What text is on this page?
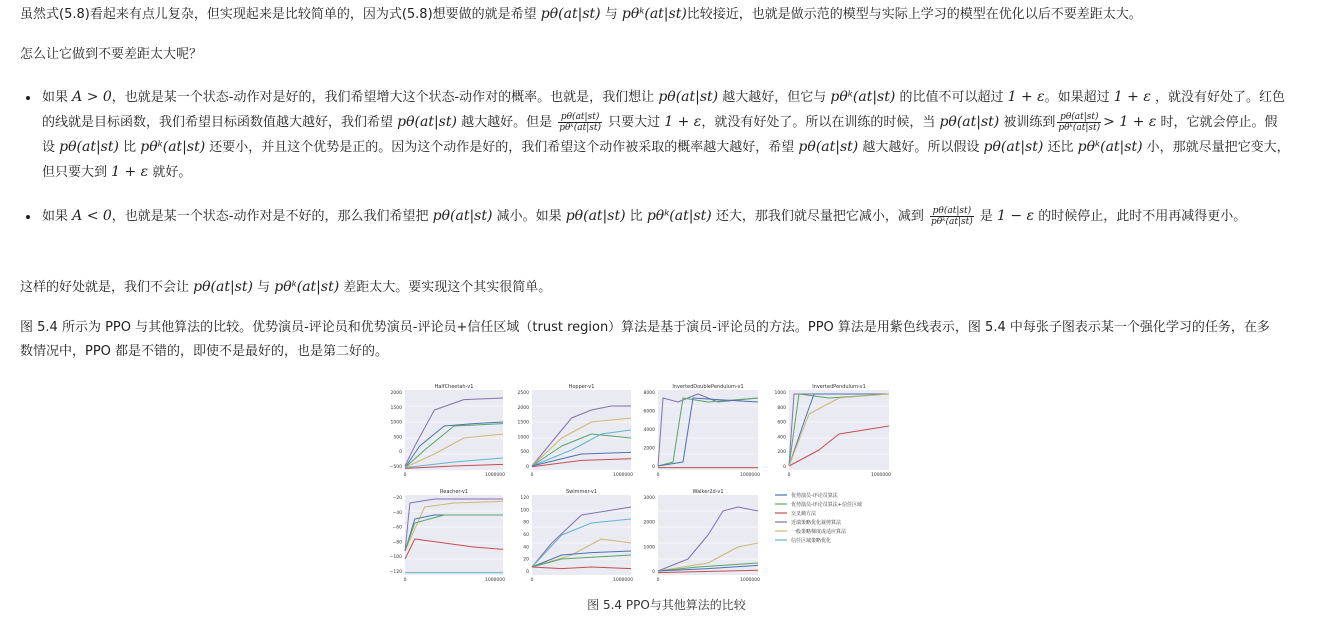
虽然式(5.8)看起来有点儿复杂，但实现起来是比较简单的，因为式(5.8)想要做的就是希望 pθ(at|st) 与 pθᵏ(at|st)比较接近，也就是做示范的模型与实际上学习的模型在优化以后不要差距太大。

怎么让它做到不要差距太大呢？

• 如果 A > 0，也就是某一个状态-动作对是好的，我们希望增大这个状态-动作对的概率。也就是，我们想让 pθ(at|st) 越大越好，但它与 pθᵏ(at|st) 的比值不可以超过 1 + ε。如果超过 1 + ε ，就没有好处了。红色的线就是目标函数，我们希望目标函数值越大越好，我们希望 pθ(at|st) 越大越好。但是 $\frac{p\theta(at|st)}{\text{pθᵏ(at|st)}}$ 只要大过 1 + ε，就没有好处了。所以在训练的时候，当 pθ(at|st) 被训练到 $\frac{p\theta(at|st)}{\text{pθᵏ(at|st)}} > 1 + \varepsilon$ 时，它就会停止。假设 pθ(at|st) 比 pθᵏ(at|st) 还要小，并且这个优势是正的。因为这个动作是好的，我们希望这个动作被采取的概率越大越好，希望 pθ(at|st) 越大越好。所以假设 pθ(at|st) 还比 pθᵏ(at|st) 小，那就尽量把它变大，但只要大到 1 + ε 就好。
• 如果 A < 0，也就是某一个状态-动作对是不好的，那么我们希望把 pθ(at|st) 减小。如果 pθ(at|st) 比 pθᵏ(at|st) 还大，那我们就尽量把它减小，减到 $\frac{p\theta(at|st)}{\text{pθᵏ(at|st)}}$ 是 1 − ε 的时候停止，此时不用再减得更小。

这样的好处就是，我们不会让 pθ(at|st) 与 pθᵏ(at|st) 差距太大。要实现这个其实很简单。

图 5.4 所示为 PPO 与其他算法的比较。优势演员-评论员和优势演员-评论员+信任区域（trust region）算法是基于演员-评论员的方法。PPO 算法是用紫色线表示，图 5.4 中每张子图表示某一个强化学习的任务，在多数情况中，PPO 都是不错的，即使不是最好的，也是第二好的。

HalfCheetah-v1
2000
1500
1000
500
0
−500
0	1000000
Hopper-v1
2500
2000
1500
1000
500
0
0	1000000
InvertedDoublePendulum-v1
8000
6000
4000
2000
0
0	1000000
InvertedPendulum-v1
1000
800
600
400
200
0
0	1000000
Reacher-v1
−20
−40
−60
−80
−100
−120
0	1000000
Swimmer-v1
120
100
80
60
40
20
0
0	1000000
Walker2d-v1
3000
2000
1000
0
0	1000000
优势演员-评论员算法
优势演员-评论员算法+信任区域
交叉熵方法
近端策略优化裁剪算法
一般策略梯度或适应算法
信任区域策略优化
图 5.4 PPO与其他算法的比较
